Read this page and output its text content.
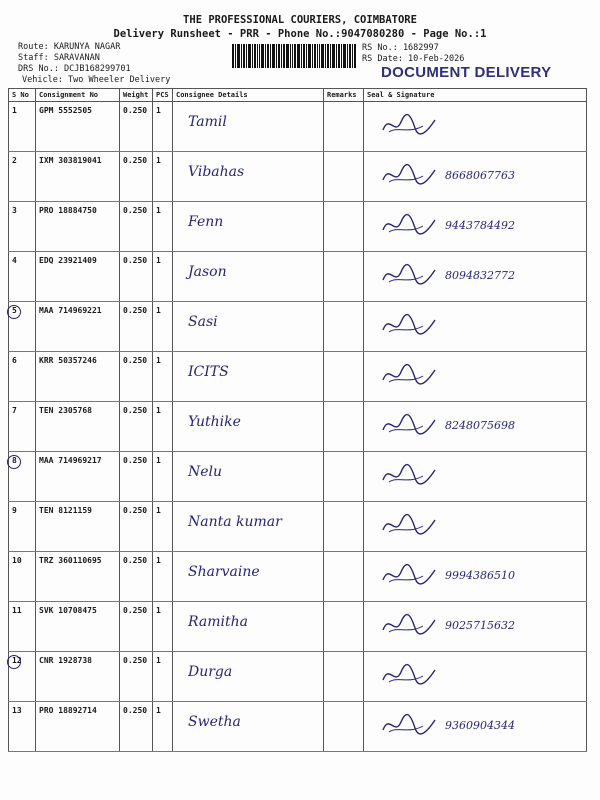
THE PROFESSIONAL COURIERS, COIMBATORE
Delivery Runsheet - PRR - Phone No.:9047080280 - Page No.:1
Route: KARUNYA NAGAR
Staff: SARAVANAN
DRS No.: DCJB168299701
Vehicle: Two Wheeler Delivery
RS No.: 1682997
RS Date: 10-Feb-2026
DOCUMENT DELIVERY
S No	Consignment No	Weight	PCS	Consignee Details	Remarks	Seal & Signature
1	GPM 5552505	0.250	1	Tamil		

2	IXM 303819041	0.250	1	Vibahas		8668067763

3	PRO 18884750	0.250	1	Fenn		9443784492

4	EDQ 23921409	0.250	1	Jason		8094832772

5	MAA 714969221	0.250	1	Sasi		

6	KRR 50357246	0.250	1	ICITS		

7	TEN 2305768	0.250	1	Yuthike		8248075698

8	MAA 714969217	0.250	1	Nelu		

9	TEN 8121159	0.250	1	Nanta kumar		

10	TRZ 360110695	0.250	1	Sharvaine		9994386510

11	SVK 10708475	0.250	1	Ramitha		9025715632

12	CNR 1928738	0.250	1	Durga		

13	PRO 18892714	0.250	1	Swetha		9360904344
